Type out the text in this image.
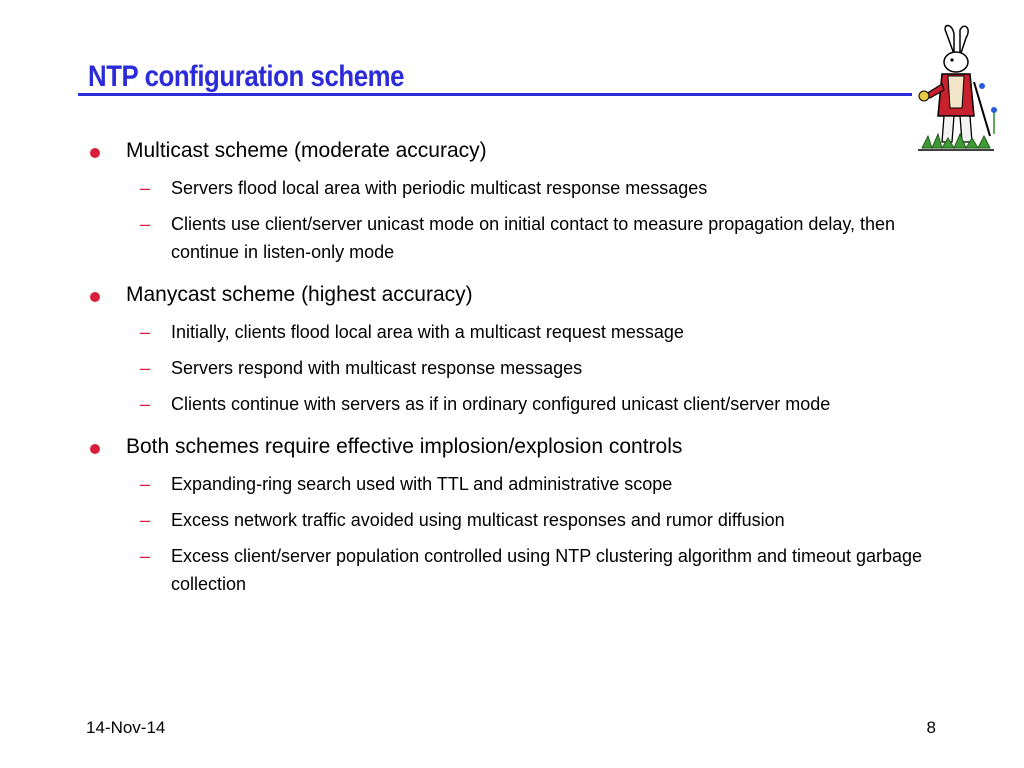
NTP configuration scheme
Multicast scheme (moderate accuracy)
– Servers flood local area with periodic multicast response messages
– Clients use client/server unicast mode on initial contact to measure propagation delay, then continue in listen-only mode
Manycast scheme (highest accuracy)
– Initially, clients flood local area with a multicast request message
– Servers respond with multicast response messages
– Clients continue with servers as if in ordinary configured unicast client/server mode
Both schemes require effective implosion/explosion controls
– Expanding-ring search used with TTL and administrative scope
– Excess network traffic avoided using multicast responses and rumor diffusion
– Excess client/server population controlled using NTP clustering algorithm and timeout garbage collection
14-Nov-14	8
